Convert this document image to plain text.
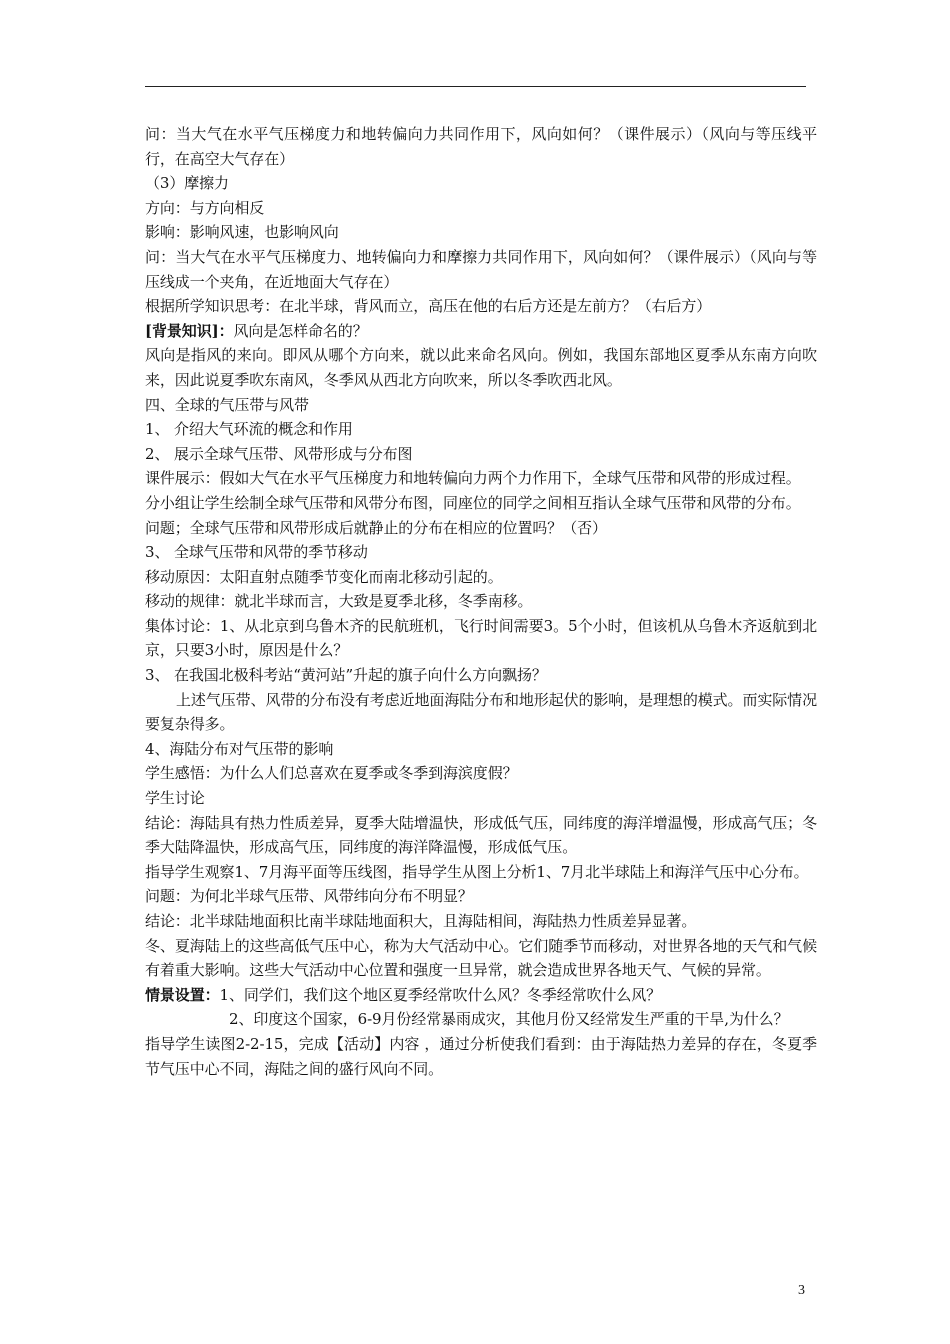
问：当大气在水平气压梯度力和地转偏向力共同作用下，风向如何？（课件展示）（风向与等压线平行，在高空大气存在）

（3）摩擦力

方向：与方向相反

影响：影响风速，也影响风向

问：当大气在水平气压梯度力、地转偏向力和摩擦力共同作用下，风向如何？（课件展示）（风向与等压线成一个夹角，在近地面大气存在）

根据所学知识思考：在北半球，背风而立，高压在他的右后方还是左前方？（右后方）

[背景知识]：风向是怎样命名的？

风向是指风的来向。即风从哪个方向来，就以此来命名风向。例如，我国东部地区夏季从东南方向吹来，因此说夏季吹东南风，冬季风从西北方向吹来，所以冬季吹西北风。

四、全球的气压带与风带

1、 介绍大气环流的概念和作用

2、 展示全球气压带、风带形成与分布图

课件展示：假如大气在水平气压梯度力和地转偏向力两个力作用下，全球气压带和风带的形成过程。

分小组让学生绘制全球气压带和风带分布图，同座位的同学之间相互指认全球气压带和风带的分布。

问题；全球气压带和风带形成后就静止的分布在相应的位置吗？（否）

3、 全球气压带和风带的季节移动

移动原因：太阳直射点随季节变化而南北移动引起的。

移动的规律：就北半球而言，大致是夏季北移，冬季南移。

集体讨论：1、从北京到乌鲁木齐的民航班机，飞行时间需要3。5个小时，但该机从乌鲁木齐返航到北京，只要3小时，原因是什么？

3、 在我国北极科考站“黄河站”升起的旗子向什么方向飘扬？

上述气压带、风带的分布没有考虑近地面海陆分布和地形起伏的影响，是理想的模式。而实际情况要复杂得多。

4、海陆分布对气压带的影响

学生感悟：为什么人们总喜欢在夏季或冬季到海滨度假？

学生讨论

结论：海陆具有热力性质差异，夏季大陆增温快，形成低气压，同纬度的海洋增温慢，形成高气压；冬季大陆降温快，形成高气压，同纬度的海洋降温慢，形成低气压。

指导学生观察1、7月海平面等压线图，指导学生从图上分析1、7月北半球陆上和海洋气压中心分布。

问题：为何北半球气压带、风带纬向分布不明显？

结论：北半球陆地面积比南半球陆地面积大，且海陆相间，海陆热力性质差异显著。

冬、夏海陆上的这些高低气压中心，称为大气活动中心。它们随季节而移动，对世界各地的天气和气候有着重大影响。这些大气活动中心位置和强度一旦异常，就会造成世界各地天气、气候的异常。

情景设置：1、同学们，我们这个地区夏季经常吹什么风？冬季经常吹什么风？

2、印度这个国家，6-9月份经常暴雨成灾，其他月份又经常发生严重的干旱,为什么？

指导学生读图2-2-15，完成【活动】内容 ，通过分析使我们看到：由于海陆热力差异的存在，冬夏季节气压中心不同，海陆之间的盛行风向不同。

3
